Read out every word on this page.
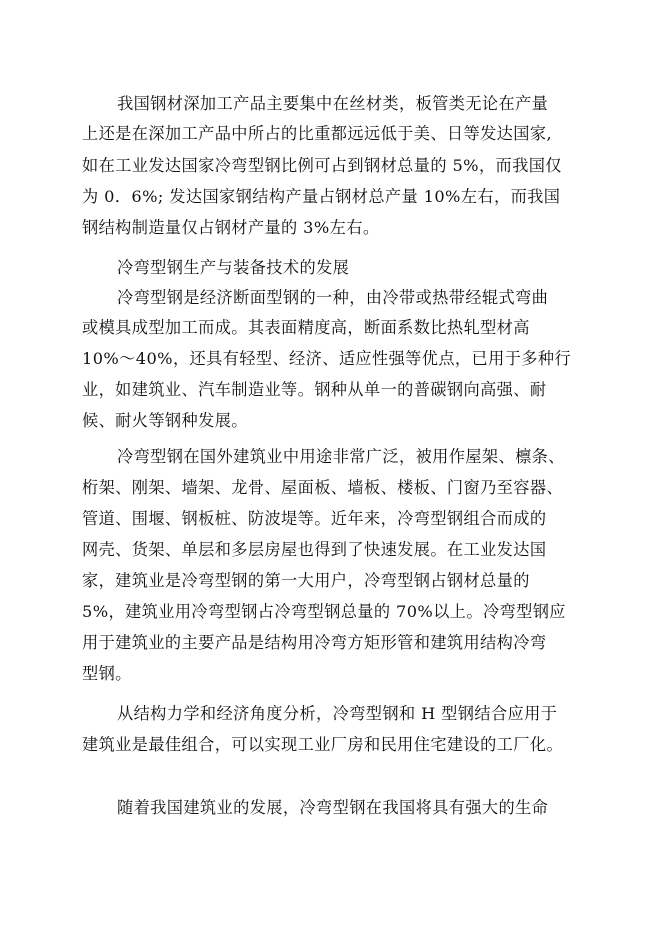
我国钢材深加工产品主要集中在丝材类，板管类无论在产量
上还是在深加工产品中所占的比重都远远低于美、日等发达国家,
如在工业发达国家冷弯型钢比例可占到钢材总量的 5%，而我国仅
为 0．6%; 发达国家钢结构产量占钢材总产量 10%左右，而我国
钢结构制造量仅占钢材产量的 3%左右。
冷弯型钢生产与装备技术的发展
冷弯型钢是经济断面型钢的一种，由冷带或热带经辊式弯曲
或模具成型加工而成。其表面精度高，断面系数比热轧型材高
10%～40%，还具有轻型、经济、适应性强等优点，已用于多种行
业，如建筑业、汽车制造业等。钢种从单一的普碳钢向高强、耐
候、耐火等钢种发展。
冷弯型钢在国外建筑业中用途非常广泛，被用作屋架、檩条、
桁架、刚架、墙架、龙骨、屋面板、墙板、楼板、门窗乃至容器、
管道、围堰、钢板桩、防波堤等。近年来，冷弯型钢组合而成的
网壳、货架、单层和多层房屋也得到了快速发展。在工业发达国
家，建筑业是冷弯型钢的第一大用户，冷弯型钢占钢材总量的
5%，建筑业用冷弯型钢占冷弯型钢总量的 70%以上。冷弯型钢应
用于建筑业的主要产品是结构用冷弯方矩形管和建筑用结构冷弯
型钢。
从结构力学和经济角度分析，冷弯型钢和 H 型钢结合应用于
建筑业是最佳组合，可以实现工业厂房和民用住宅建设的工厂化。
随着我国建筑业的发展，冷弯型钢在我国将具有强大的生命
